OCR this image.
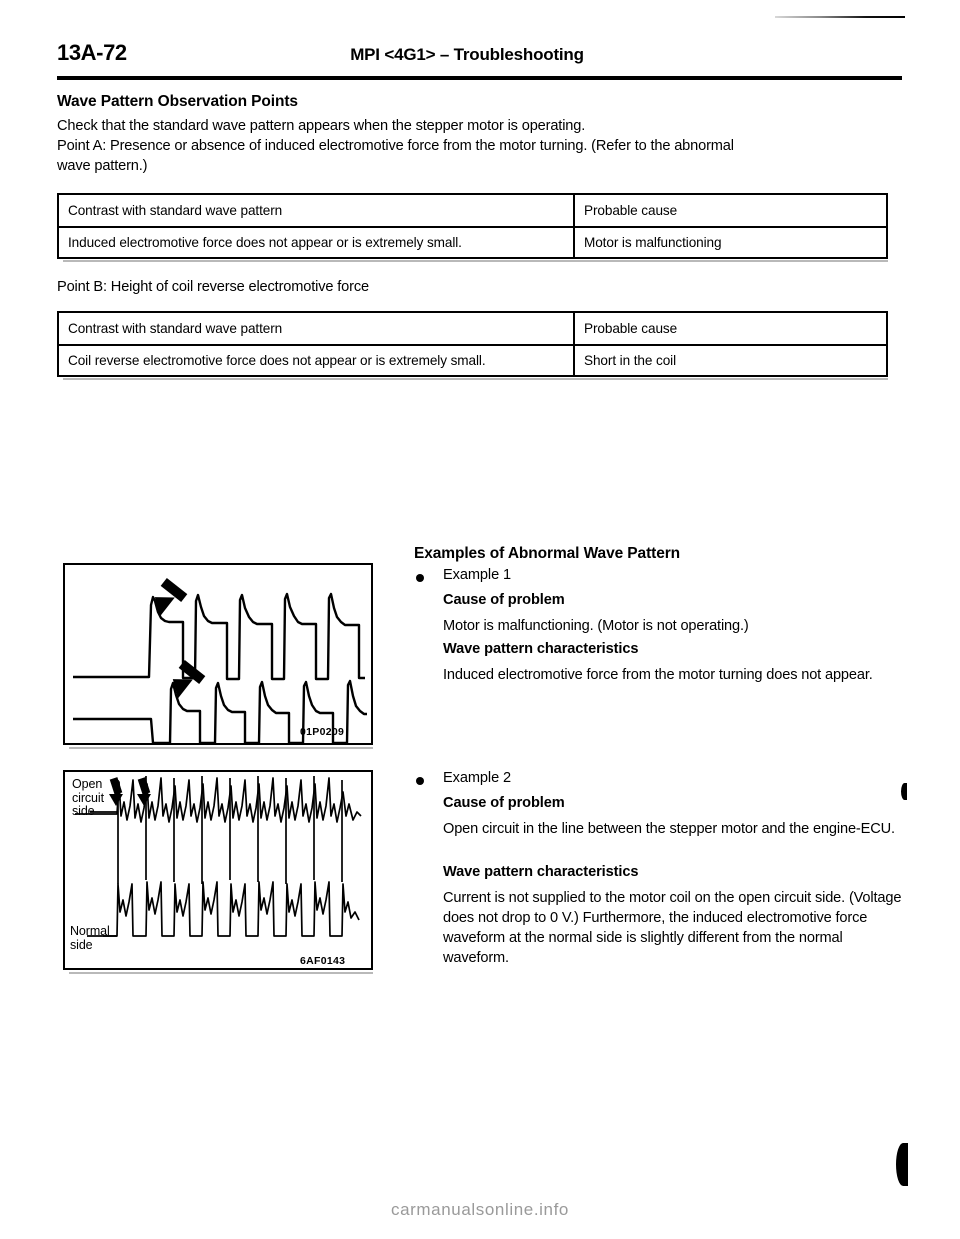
13A-72	MPI <4G1> – Troubleshooting
Wave Pattern Observation Points
Check that the standard wave pattern appears when the stepper motor is operating.
Point A: Presence or absence of induced electromotive force from the motor turning. (Refer to the abnormal
wave pattern.)
Contrast with standard wave pattern	Probable cause
Induced electromotive force does not appear or is extremely small.	Motor is malfunctioning
Point B: Height of coil reverse electromotive force
Contrast with standard wave pattern	Probable cause
Coil reverse electromotive force does not appear or is extremely small.	Short in the coil
01P0209
Open
circuit
side
Normal
side
6AF0143
Examples of Abnormal Wave Pattern
Example 1
Cause of problem
Motor is malfunctioning. (Motor is not operating.)
Wave pattern characteristics
Induced electromotive force from the motor turning does not appear.
Example 2
Cause of problem
Open circuit in the line between the stepper motor and the engine-ECU.
Wave pattern characteristics
Current is not supplied to the motor coil on the open circuit side. (Voltage does not drop to 0 V.) Furthermore, the induced electromotive force waveform at the normal side is slightly different from the normal waveform.
carmanualsonline.info
